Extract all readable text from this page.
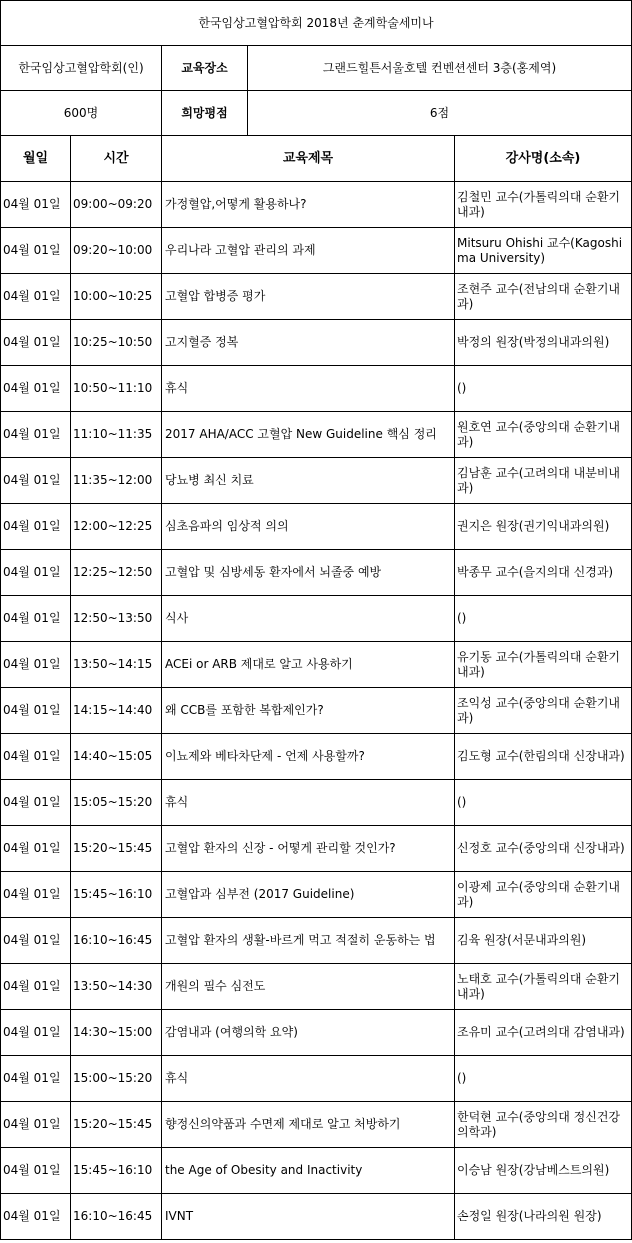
한국임상고혈압학회 2018년 춘계학술세미나				
한국임상고혈압학회(인)		교육장소	그랜드힐튼서울호텔 컨벤션센터 3층(홍제역)	
600명		희망평점	6점	
월일	시간	교육제목		강사명(소속)
04월 01일	09:00~09:20	가정혈압,어떻게 활용하나?		김철민 교수(가톨릭의대 순환기내과)
04월 01일	09:20~10:00	우리나라 고혈압 관리의 과제		Mitsuru Ohishi 교수(Kagoshima University)
04월 01일	10:00~10:25	고혈압 합병증 평가		조현주 교수(전남의대 순환기내과)
04월 01일	10:25~10:50	고지혈증 정복		박정의 원장(박정의내과의원)
04월 01일	10:50~11:10	휴식		()
04월 01일	11:10~11:35	2017 AHA/ACC 고혈압 New Guideline 핵심 정리		원호연 교수(중앙의대 순환기내과)
04월 01일	11:35~12:00	당뇨병 최신 치료		김남훈 교수(고려의대 내분비내과)
04월 01일	12:00~12:25	심초음파의 임상적 의의		권지은 원장(권기익내과의원)
04월 01일	12:25~12:50	고혈압 및 심방세동 환자에서 뇌졸중 예방		박종무 교수(을지의대 신경과)
04월 01일	12:50~13:50	식사		()
04월 01일	13:50~14:15	ACEi or ARB 제대로 알고 사용하기		유기동 교수(가톨릭의대 순환기내과)
04월 01일	14:15~14:40	왜 CCB를 포함한 복합제인가?		조익성 교수(중앙의대 순환기내과)
04월 01일	14:40~15:05	이뇨제와 베타차단제 - 언제 사용할까?		김도형 교수(한림의대 신장내과)
04월 01일	15:05~15:20	휴식		()
04월 01일	15:20~15:45	고혈압 환자의 신장 - 어떻게 관리할 것인가?		신정호 교수(중앙의대 신장내과)
04월 01일	15:45~16:10	고혈압과 심부전 (2017 Guideline)		이광제 교수(중앙의대 순환기내과)
04월 01일	16:10~16:45	고혈압 환자의 생활-바르게 먹고 적절히 운동하는 법		김육 원장(서문내과의원)
04월 01일	13:50~14:30	개원의 필수 심전도		노태호 교수(가톨릭의대 순환기내과)
04월 01일	14:30~15:00	감염내과 (여행의학 요약)		조유미 교수(고려의대 감염내과)
04월 01일	15:00~15:20	휴식		()
04월 01일	15:20~15:45	향정신의약품과 수면제 제대로 알고 처방하기		한덕현 교수(중앙의대 정신건강의학과)
04월 01일	15:45~16:10	the Age of Obesity and Inactivity		이승남 원장(강남베스트의원)
04월 01일	16:10~16:45	IVNT		손정일 원장(나라의원 원장)
